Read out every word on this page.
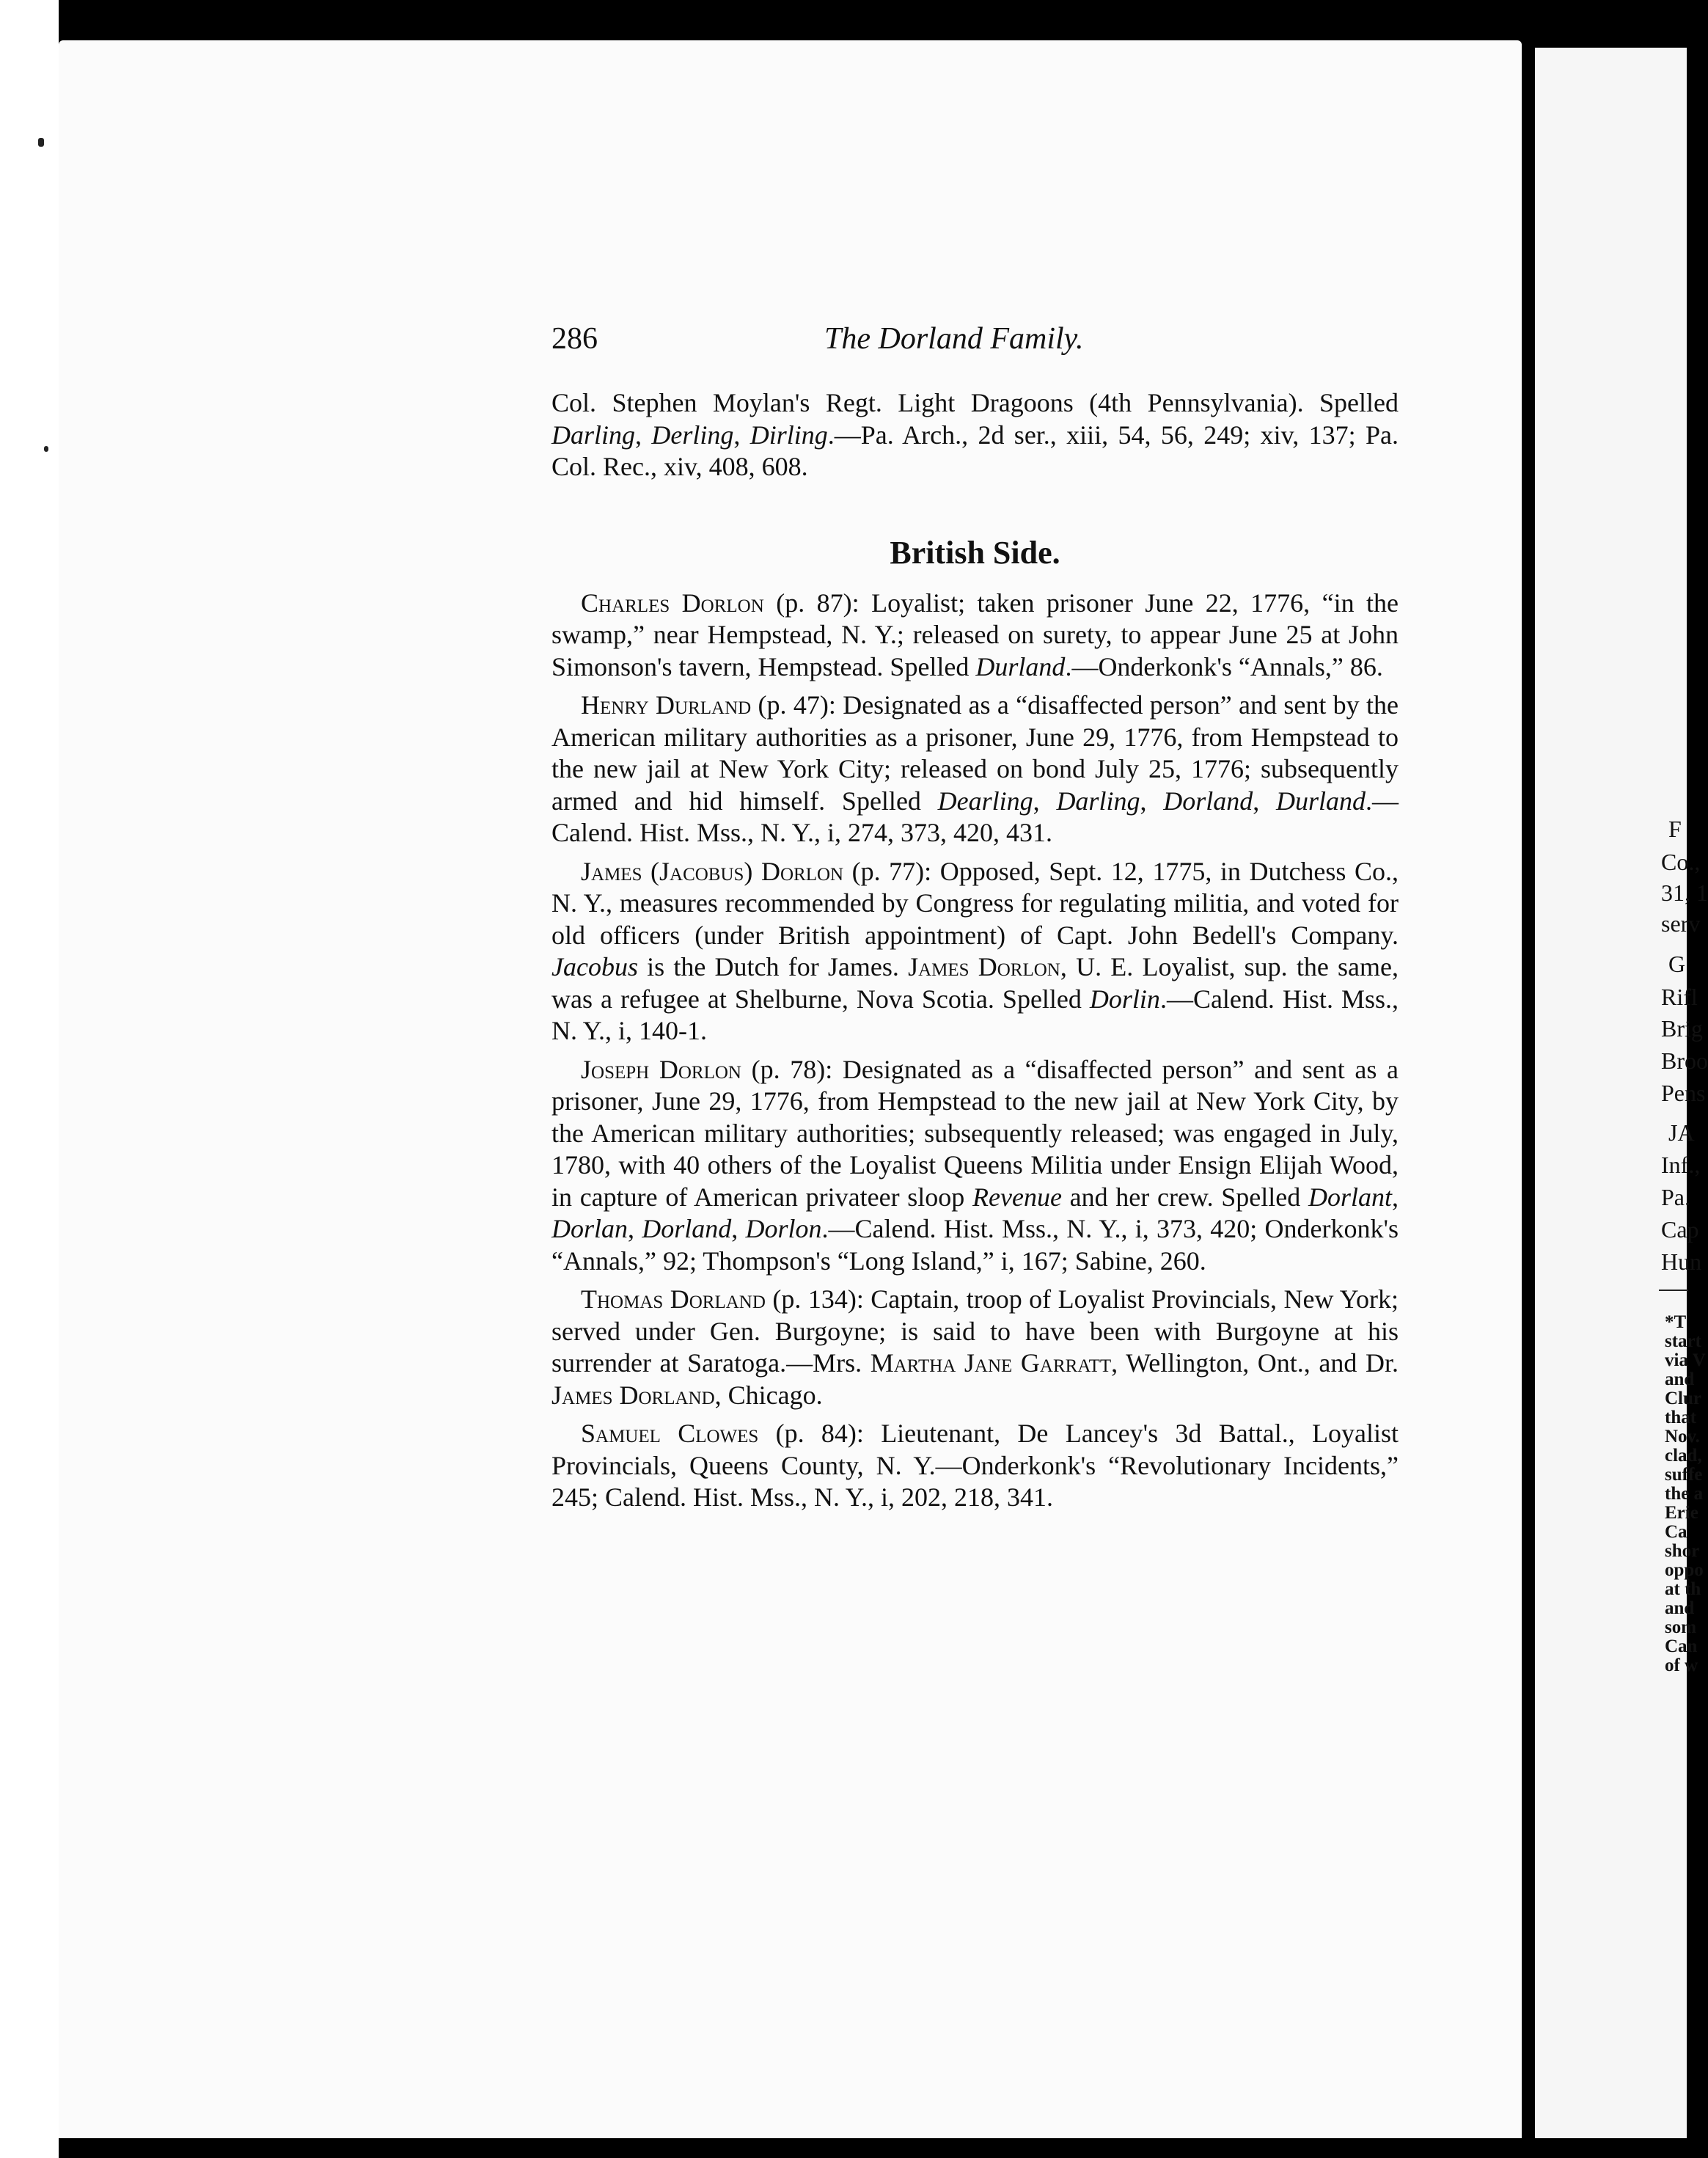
286	The Dorland Family.

Col. Stephen Moylan's Regt. Light Dragoons (4th Pennsylvania). Spelled Darling, Derling, Dirling.—Pa. Arch., 2d ser., xiii, 54, 56, 249; xiv, 137; Pa. Col. Rec., xiv, 408, 608.

British Side.

Charles Dorlon (p. 87): Loyalist; taken prisoner June 22, 1776, “in the swamp,” near Hempstead, N. Y.; released on surety, to appear June 25 at John Simonson's tavern, Hempstead. Spelled Durland.—Onderkonk's “Annals,” 86.

Henry Durland (p. 47): Designated as a “disaffected person” and sent by the American military authorities as a prisoner, June 29, 1776, from Hempstead to the new jail at New York City; released on bond July 25, 1776; subsequently armed and hid himself. Spelled Dearling, Darling, Dorland, Durland.—Calend. Hist. Mss., N. Y., i, 274, 373, 420, 431.

James (Jacobus) Dorlon (p. 77): Opposed, Sept. 12, 1775, in Dutchess Co., N. Y., measures recommended by Congress for regulating militia, and voted for old officers (under British appointment) of Capt. John Bedell's Company. Jacobus is the Dutch for James. James Dorlon, U. E. Loyalist, sup. the same, was a refugee at Shelburne, Nova Scotia. Spelled Dorlin.—Calend. Hist. Mss., N. Y., i, 140-1.

Joseph Dorlon (p. 78): Designated as a “disaffected person” and sent as a prisoner, June 29, 1776, from Hempstead to the new jail at New York City, by the American military authorities; subsequently released; was engaged in July, 1780, with 40 others of the Loyalist Queens Militia under Ensign Elijah Wood, in capture of American privateer sloop Revenue and her crew. Spelled Dorlant, Dorlan, Dorland, Dorlon.—Calend. Hist. Mss., N. Y., i, 373, 420; Onderkonk's “Annals,” 92; Thompson's “Long Island,” i, 167; Sabine, 260.

Thomas Dorland (p. 134): Captain, troop of Loyalist Provincials, New York; served under Gen. Burgoyne; is said to have been with Burgoyne at his surrender at Saratoga.—Mrs. Martha Jane Garratt, Wellington, Ont., and Dr. James Dorland, Chicago.

Samuel Clowes (p. 84): Lieutenant, De Lancey's 3d Battal., Loyalist Provincials, Queens County, N. Y.—Onderkonk's “Revolutionary Incidents,” 245; Calend. Hist. Mss., N. Y., i, 202, 218, 341.

F
Co.,
31, 1
serv
G
Rifl
Brig
Broo
Pens
JA
Inf.,
Pa.
Cap
Hun
*T
start
via V
and
Clur
that
Nov.
clad,
suffe
the a
Erie
Ca
shor
oppo
at th
and
som
Can
of w
